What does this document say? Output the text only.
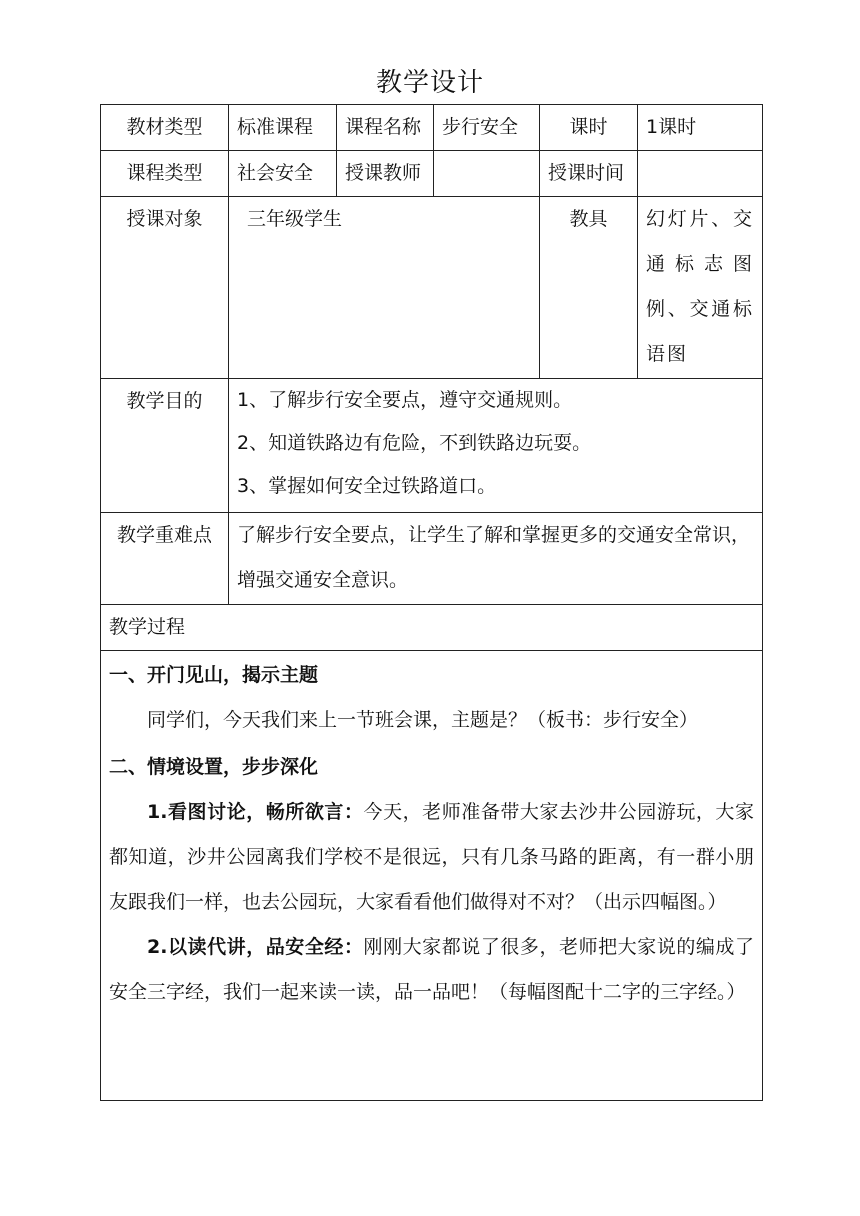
教学设计
教材类型	标准课程	课程名称	步行安全	课时	1课时
课程类型	社会安全	授课教师		授课时间	
授课对象	三年级学生			教具	幻灯片、交通标志图例、交通标语图
教学目的	1、了解步行安全要点，遵守交通规则。
2、知道铁路边有危险，不到铁路边玩耍。
3、掌握如何安全过铁路道口。				

教学重难点	了解步行安全要点，让学生了解和掌握更多的交通安全常识，增强交通安全意识。				
教学过程					

一、开门见山，揭示主题
同学们，今天我们来上一节班会课，主题是？（板书：步行安全）
二、情境设置，步步深化
1.看图讨论，畅所欲言：今天，老师准备带大家去沙井公园游玩，大家都知道，沙井公园离我们学校不是很远，只有几条马路的距离，有一群小朋友跟我们一样，也去公园玩，大家看看他们做得对不对？（出示四幅图。）
2.以读代讲，品安全经：刚刚大家都说了很多，老师把大家说的编成了安全三字经，我们一起来读一读，品一品吧！（每幅图配十二字的三字经。）					
